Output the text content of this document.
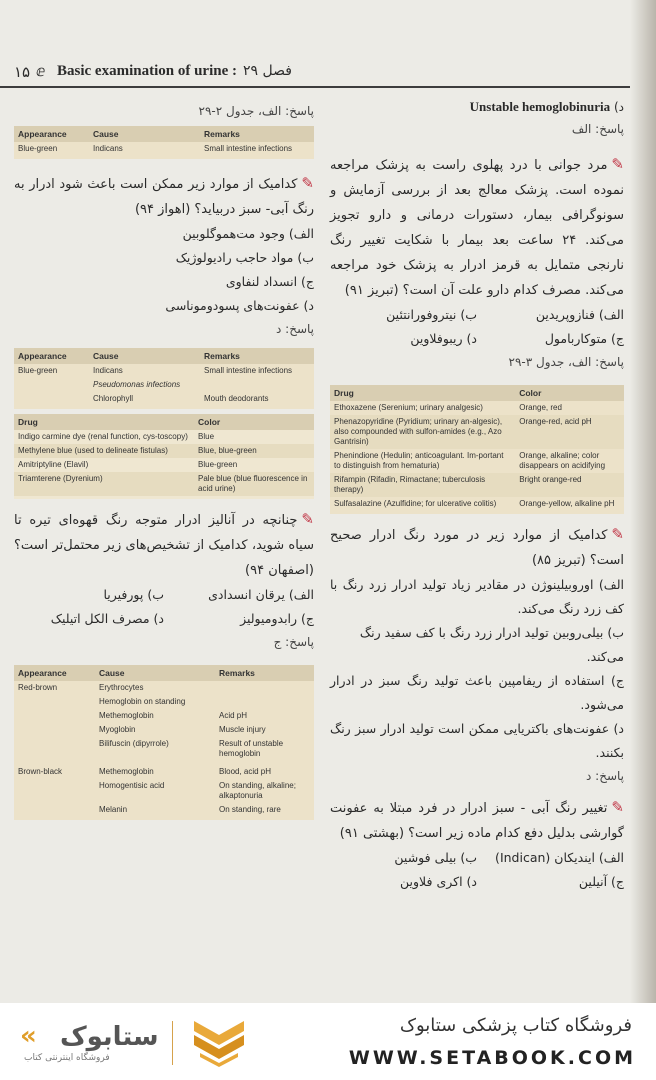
۱۵ ⅇ Basic examination of urine : فصل ۲۹
د) Unstable hemoglobinuria
پاسخ: الف
✎مرد جوانی با درد پهلوی راست به پزشک مراجعه نموده است. پزشک معالج بعد از بررسی آزمایش و سونوگرافی بیمار، دستورات درمانی و دارو تجویز می‌کند. ۲۴ ساعت بعد بیمار با شکایت تغییر رنگ نارنجی متمایل به قرمز ادرار به پزشک خود مراجعه می‌کند. مصرف کدام دارو علت آن است؟ (تبریز ۹۱)
الف) فنازوپریدین
ب) نیتروفورانتئین
ج) متوکاربامول
د) ریبوفلاوین
پاسخ: الف، جدول ۳-۲۹
Drug	Color
Ethoxazene (Serenium; urinary analgesic)	Orange, red
Phenazopyridine (Pyridium; urinary an-algesic), also compounded with sulfon-amides (e.g., Azo Gantrisin)	Orange-red, acid pH
Phenindione (Hedulin; anticoagulant. Im-portant to distinguish from hematuria)	Orange, alkaline; color disappears on acidifying
Rifampin (Rifadin, Rimactane; tuberculosis therapy)	Bright orange-red
Sulfasalazine (Azulfidine; for ulcerative colitis)	Orange-yellow, alkaline pH
✎کدامیک از موارد زیر در مورد رنگ ادرار صحیح است؟ (تبریز ۸۵)
الف) اوروبیلینوژن در مقادیر زیاد تولید ادرار زرد رنگ با کف زرد رنگ می‌کند.
ب) بیلی‌روبین تولید ادرار زرد رنگ با کف سفید رنگ می‌کند.
ج) استفاده از ریفامپین باعث تولید رنگ سبز در ادرار می‌شود.
د) عفونت‌های باکتریایی ممکن است تولید ادرار سبز رنگ بکنند.
پاسخ: د
✎تغییر رنگ آبی - سبز ادرار در فرد مبتلا به عفونت گوارشی بدلیل دفع کدام ماده زیر است؟ (بهشتی ۹۱)
الف) ایندیکان (Indican)
ب) بیلی فوشین
ج) آنیلین
د) اکری فلاوین
پاسخ: الف، جدول ۲-۲۹
Appearance	Cause	Remarks
Blue-green	Indicans	Small intestine infections
✎کدامیک از موارد زیر ممکن است باعث شود ادرار به رنگ آبی- سبز دربیاید؟ (اهواز ۹۴)
الف) وجود مت‌هموگلوبین
ب) مواد حاجب رادیولوژیک
ج) انسداد لنفاوی
د) عفونت‌های پسودوموناسی
پاسخ: د
Appearance	Cause	Remarks
Blue-green	Indicans	Small intestine infections
	Pseudomonas infections	
	Chlorophyll	Mouth deodorants
Drug	Color
Indigo carmine dye (renal function, cys-toscopy)	Blue
Methylene blue (used to delineate fistulas)	Blue, blue-green
Amitriptyline (Elavil)	Blue-green
Triamterene (Dyrenium)	Pale blue (blue fluorescence in acid urine)
✎چنانچه در آنالیز ادرار متوجه رنگ قهوه‌ای تیره تا سیاه شوید، کدامیک از تشخیص‌های زیر محتمل‌تر است؟ (اصفهان ۹۴)
الف) یرقان انسدادی
ب) پورفیریا
ج) رابدومیولیز
د) مصرف الکل اتیلیک
پاسخ: ج
Appearance	Cause	Remarks
Red-brown	Erythrocytes	
	Hemoglobin on standing	
	Methemoglobin	Acid pH
	Myoglobin	Muscle injury
	Bilifuscin (dipyrrole)	Result of unstable hemoglobin
Brown-black	Methemoglobin	Blood, acid pH
	Homogentisic acid	On standing, alkaline; alkaptonuria
	Melanin	On standing, rare
« ستابوک
فروشگاه اینترنتی کتاب
فروشگاه کتاب پزشکی ستابوک
WWW.SETABOOK.COM
